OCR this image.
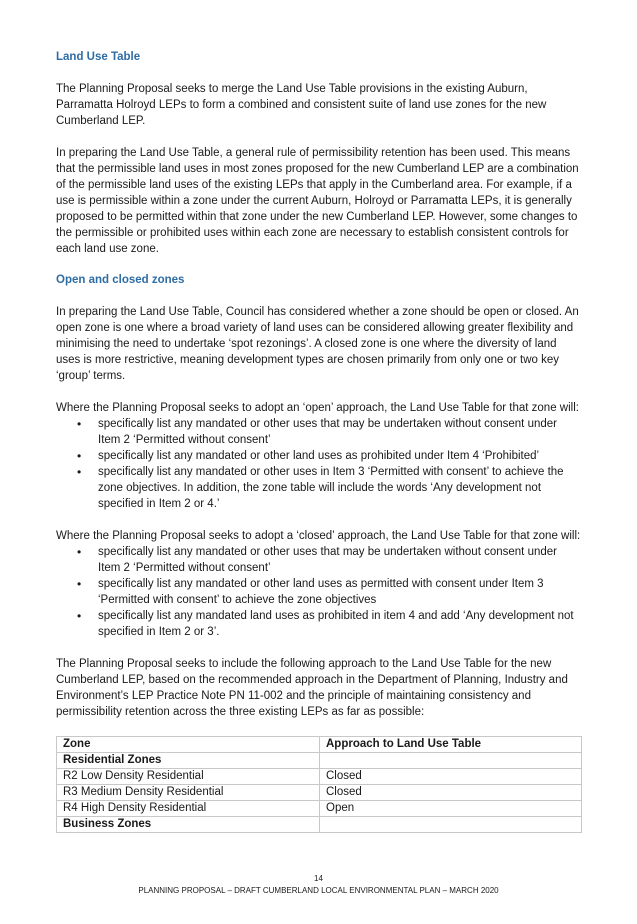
Land Use Table

The Planning Proposal seeks to merge the Land Use Table provisions in the existing Auburn, Parramatta Holroyd LEPs to form a combined and consistent suite of land use zones for the new Cumberland LEP.

In preparing the Land Use Table, a general rule of permissibility retention has been used. This means that the permissible land uses in most zones proposed for the new Cumberland LEP are a combination of the permissible land uses of the existing LEPs that apply in the Cumberland area. For example, if a use is permissible within a zone under the current Auburn, Holroyd or Parramatta LEPs, it is generally proposed to be permitted within that zone under the new Cumberland LEP. However, some changes to the permissible or prohibited uses within each zone are necessary to establish consistent controls for each land use zone.

Open and closed zones

In preparing the Land Use Table, Council has considered whether a zone should be open or closed. An open zone is one where a broad variety of land uses can be considered allowing greater flexibility and minimising the need to undertake ‘spot rezonings’. A closed zone is one where the diversity of land uses is more restrictive, meaning development types are chosen primarily from only one or two key ‘group’ terms.

Where the Planning Proposal seeks to adopt an ‘open’ approach, the Land Use Table for that zone will:

• specifically list any mandated or other uses that may be undertaken without consent under Item 2 ‘Permitted without consent’
• specifically list any mandated or other land uses as prohibited under Item 4 ‘Prohibited’
• specifically list any mandated or other uses in Item 3 ‘Permitted with consent’ to achieve the zone objectives. In addition, the zone table will include the words ‘Any development not specified in Item 2 or 4.’

Where the Planning Proposal seeks to adopt a ‘closed’ approach, the Land Use Table for that zone will:

• specifically list any mandated or other uses that may be undertaken without consent under Item 2 ‘Permitted without consent’
• specifically list any mandated or other land uses as permitted with consent under Item 3 ‘Permitted with consent’ to achieve the zone objectives
• specifically list any mandated land uses as prohibited in item 4 and add ‘Any development not specified in Item 2 or 3’.

The Planning Proposal seeks to include the following approach to the Land Use Table for the new Cumberland LEP, based on the recommended approach in the Department of Planning, Industry and Environment’s LEP Practice Note PN 11-002 and the principle of maintaining consistency and permissibility retention across the three existing LEPs as far as possible:

Zone	Approach to Land Use Table
Residential Zones	
R2 Low Density Residential	Closed
R3 Medium Density Residential	Closed
R4 High Density Residential	Open
Business Zones	
14
PLANNING PROPOSAL – DRAFT CUMBERLAND LOCAL ENVIRONMENTAL PLAN – MARCH 2020
